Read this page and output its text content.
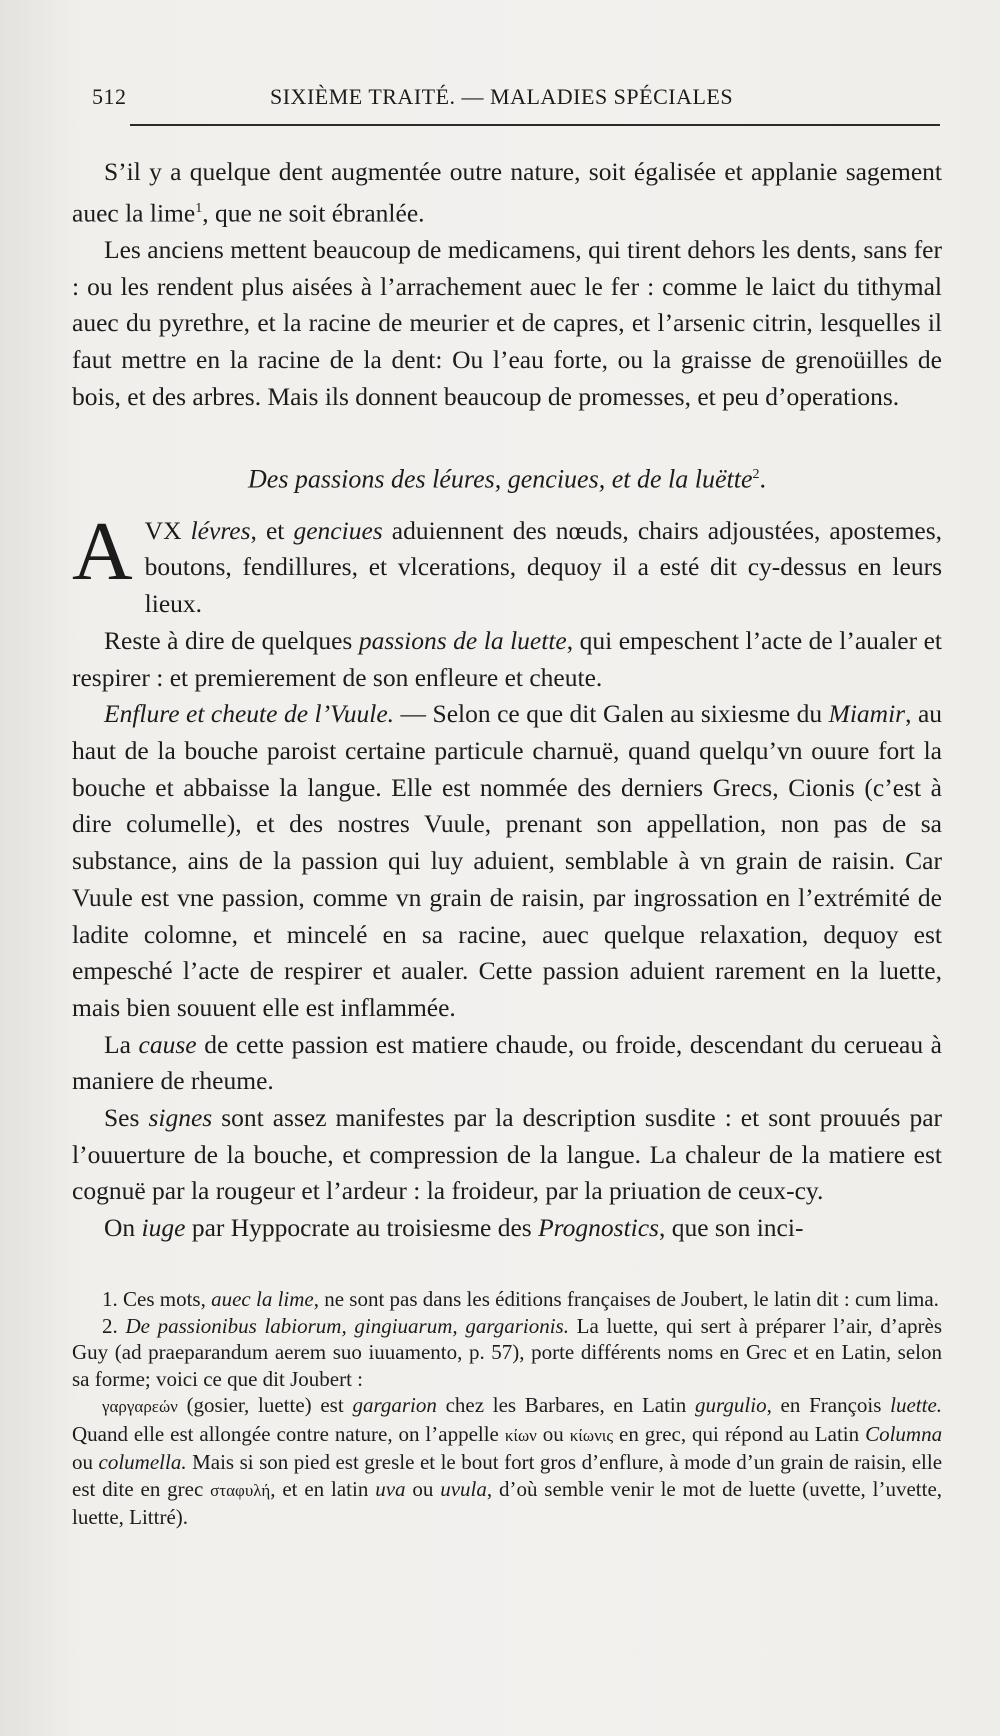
512	SIXIÈME TRAITÉ. — MALADIES SPÉCIALES

S’il y a quelque dent augmentée outre nature, soit égalisée et applanie sagement auec la lime$^1$, que ne soit ébranlée.

Les anciens mettent beaucoup de medicamens, qui tirent dehors les dents, sans fer : ou les rendent plus aisées à l’arrachement auec le fer : comme le laict du tithymal auec du pyrethre, et la racine de meurier et de capres, et l’arsenic citrin, lesquelles il faut mettre en la racine de la dent: Ou l’eau forte, ou la graisse de grenoüilles de bois, et des arbres. Mais ils donnent beaucoup de promesses, et peu d’operations.

Des passions des léures, genciues, et de la luëtte$^2$.

AVX lévres, et genciues aduiennent des nœuds, chairs adjoustées, apostemes, boutons, fendillures, et vlcerations, dequoy il a esté dit cy-dessus en leurs lieux.

Reste à dire de quelques passions de la luette, qui empeschent l’acte de l’aualer et respirer : et premierement de son enfleure et cheute.

Enflure et cheute de l’Vuule. — Selon ce que dit Galen au sixiesme du Miamir, au haut de la bouche paroist certaine particule charnuë, quand quelqu’vn ouure fort la bouche et abbaisse la langue. Elle est nommée des derniers Grecs, Cionis (c’est à dire columelle), et des nostres Vuule, prenant son appellation, non pas de sa substance, ains de la passion qui luy aduient, semblable à vn grain de raisin. Car Vuule est vne passion, comme vn grain de raisin, par ingrossation en l’extrémité de ladite colomne, et mincelé en sa racine, auec quelque relaxation, dequoy est empesché l’acte de respirer et aualer. Cette passion aduient rarement en la luette, mais bien souuent elle est inflammée.

La cause de cette passion est matiere chaude, ou froide, descendant du cerueau à maniere de rheume.

Ses signes sont assez manifestes par la description susdite : et sont prouués par l’ouuerture de la bouche, et compression de la langue. La chaleur de la matiere est cognuë par la rougeur et l’ardeur : la froideur, par la priuation de ceux-cy.

On iuge par Hyppocrate au troisiesme des Prognostics, que son inci-

1. Ces mots, auec la lime, ne sont pas dans les éditions françaises de Joubert, le latin dit : cum lima.

2. De passionibus labiorum, gingiuarum, gargarionis. La luette, qui sert à préparer l’air, d’après Guy (ad praeparandum aerem suo iuuamento, p. 57), porte différents noms en Grec et en Latin, selon sa forme; voici ce que dit Joubert :

γαργαρεών (gosier, luette) est gargarion chez les Barbares, en Latin gurgulio, en François luette. Quand elle est allongée contre nature, on l’appelle κίων ou κίωνις en grec, qui répond au Latin Columna ou columella. Mais si son pied est gresle et le bout fort gros d’enflure, à mode d’un grain de raisin, elle est dite en grec σταφυλή, et en latin uva ou uvula, d’où semble venir le mot de luette (uvette, l’uvette, luette, Littré).
